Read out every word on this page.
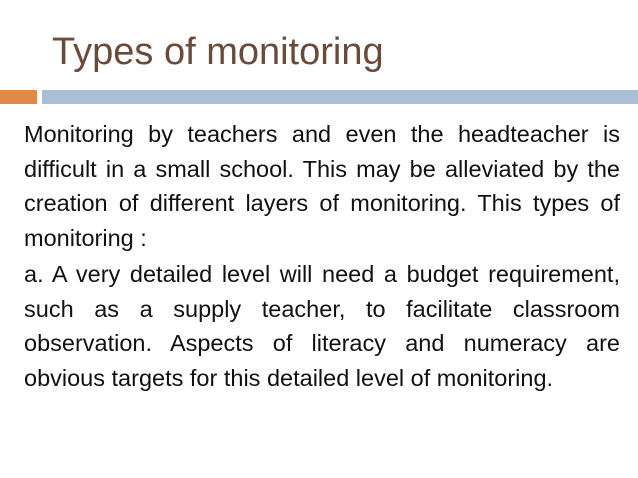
Types of monitoring

Monitoring by teachers and even the headteacher is difficult in a small school. This may be alleviated by the creation of different layers of monitoring. This types of monitoring :

a. A very detailed level will need a budget requirement, such as a supply teacher, to facilitate classroom observation. Aspects of literacy and numeracy are obvious targets for this detailed level of monitoring.
